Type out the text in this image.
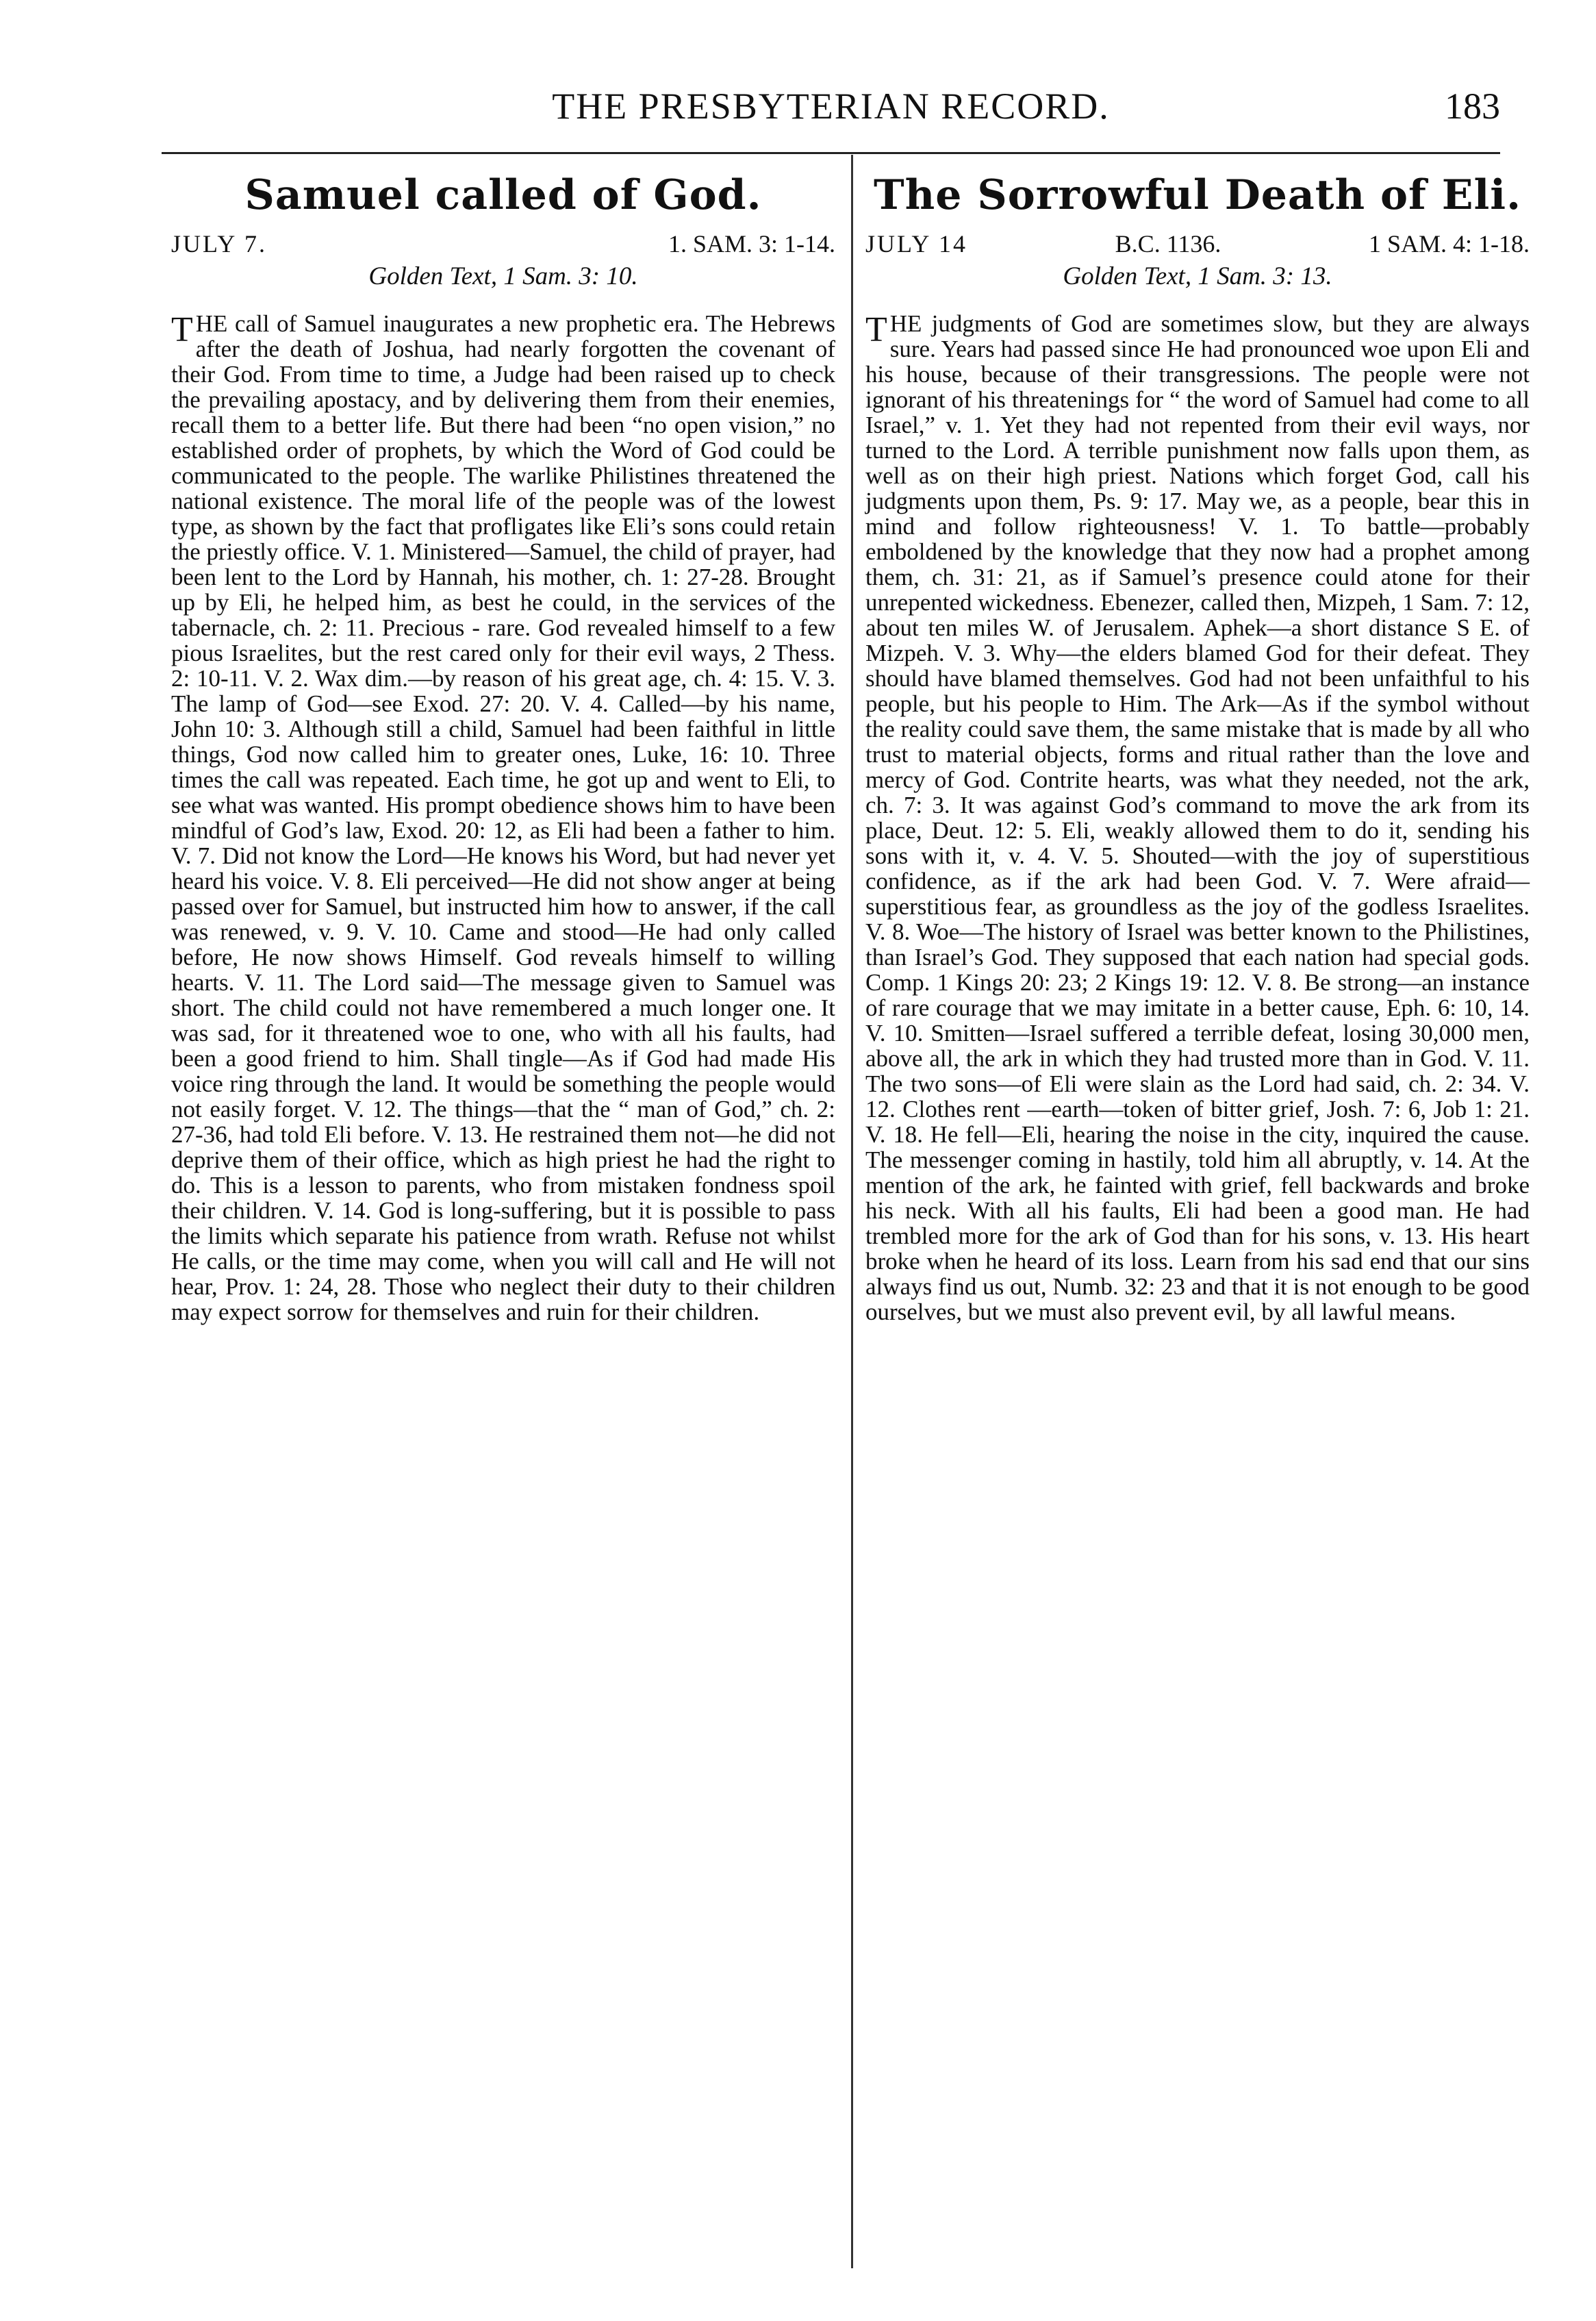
THE PRESBYTERIAN RECORD.	183
Samuel called of God.
JULY 7.	1. SAM. 3: 1-14.
Golden Text, 1 Sam. 3: 10.
T HE call of Samuel inaugurates a new prophetic era. The Hebrews after the death of Joshua, had nearly forgotten the covenant of their God. From time to time, a Judge had been raised up to check the prevailing apostacy, and by delivering them from their enemies, recall them to a better life. But there had been “no open vision,” no established order of prophets, by which the Word of God could be communicated to the people. The warlike Philistines threatened the national existence. The moral life of the people was of the lowest type, as shown by the fact that profligates like Eli’s sons could retain the priestly office. V. 1. Ministered—Samuel, the child of prayer, had been lent to the Lord by Hannah, his mother, ch. 1: 27-28. Brought up by Eli, he helped him, as best he could, in the services of the tabernacle, ch. 2: 11. Precious - rare. God revealed himself to a few pious Israelites, but the rest cared only for their evil ways, 2 Thess. 2: 10-11. V. 2. Wax dim.—by reason of his great age, ch. 4: 15. V. 3. The lamp of God—see Exod. 27: 20. V. 4. Called—by his name, John 10: 3. Although still a child, Samuel had been faithful in little things, God now called him to greater ones, Luke, 16: 10. Three times the call was repeated. Each time, he got up and went to Eli, to see what was wanted. His prompt obedience shows him to have been mindful of God’s law, Exod. 20: 12, as Eli had been a father to him. V. 7. Did not know the Lord—He knows his Word, but had never yet heard his voice. V. 8. Eli perceived—He did not show anger at being passed over for Samuel, but instructed him how to answer, if the call was renewed, v. 9. V. 10. Came and stood—He had only called before, He now shows Himself. God reveals himself to willing hearts. V. 11. The Lord said—The message given to Samuel was short. The child could not have remembered a much longer one. It was sad, for it threatened woe to one, who with all his faults, had been a good friend to him. Shall tingle—As if God had made His voice ring through the land. It would be something the people would not easily forget. V. 12. The things—that the “ man of God,” ch. 2: 27-36, had told Eli before. V. 13. He restrained them not—he did not deprive them of their office, which as high priest he had the right to do. This is a lesson to parents, who from mistaken fondness spoil their children. V. 14. God is long-suffering, but it is possible to pass the limits which separate his patience from wrath. Refuse not whilst He calls, or the time may come, when you will call and He will not hear, Prov. 1: 24, 28. Those who neglect their duty to their children may expect sorrow for themselves and ruin for their children.
The Sorrowful Death of Eli.
JULY 14	B.C. 1136.	1 SAM. 4: 1-18.
Golden Text, 1 Sam. 3: 13.
T HE judgments of God are sometimes slow, but they are always sure. Years had passed since He had pronounced woe upon Eli and his house, because of their transgressions. The people were not ignorant of his threatenings for “ the word of Samuel had come to all Israel,” v. 1. Yet they had not repented from their evil ways, nor turned to the Lord. A terrible punishment now falls upon them, as well as on their high priest. Nations which forget God, call his judgments upon them, Ps. 9: 17. May we, as a people, bear this in mind and follow righteousness! V. 1. To battle—probably emboldened by the knowledge that they now had a prophet among them, ch. 31: 21, as if Samuel’s presence could atone for their unrepented wickedness. Ebenezer, called then, Mizpeh, 1 Sam. 7: 12, about ten miles W. of Jerusalem. Aphek—a short distance S E. of Mizpeh. V. 3. Why—the elders blamed God for their defeat. They should have blamed themselves. God had not been unfaithful to his people, but his people to Him. The Ark—As if the symbol without the reality could save them, the same mistake that is made by all who trust to material objects, forms and ritual rather than the love and mercy of God. Contrite hearts, was what they needed, not the ark, ch. 7: 3. It was against God’s command to move the ark from its place, Deut. 12: 5. Eli, weakly allowed them to do it, sending his sons with it, v. 4. V. 5. Shouted—with the joy of superstitious confidence, as if the ark had been God. V. 7. Were afraid—superstitious fear, as groundless as the joy of the godless Israelites. V. 8. Woe—The history of Israel was better known to the Philistines, than Israel’s God. They supposed that each nation had special gods. Comp. 1 Kings 20: 23; 2 Kings 19: 12. V. 8. Be strong—an instance of rare courage that we may imitate in a better cause, Eph. 6: 10, 14. V. 10. Smitten—Israel suffered a terrible defeat, losing 30,000 men, above all, the ark in which they had trusted more than in God. V. 11. The two sons—of Eli were slain as the Lord had said, ch. 2: 34. V. 12. Clothes rent —earth—token of bitter grief, Josh. 7: 6, Job 1: 21. V. 18. He fell—Eli, hearing the noise in the city, inquired the cause. The messenger coming in hastily, told him all abruptly, v. 14. At the mention of the ark, he fainted with grief, fell backwards and broke his neck. With all his faults, Eli had been a good man. He had trembled more for the ark of God than for his sons, v. 13. His heart broke when he heard of its loss. Learn from his sad end that our sins always find us out, Numb. 32: 23 and that it is not enough to be good ourselves, but we must also prevent evil, by all lawful means.
